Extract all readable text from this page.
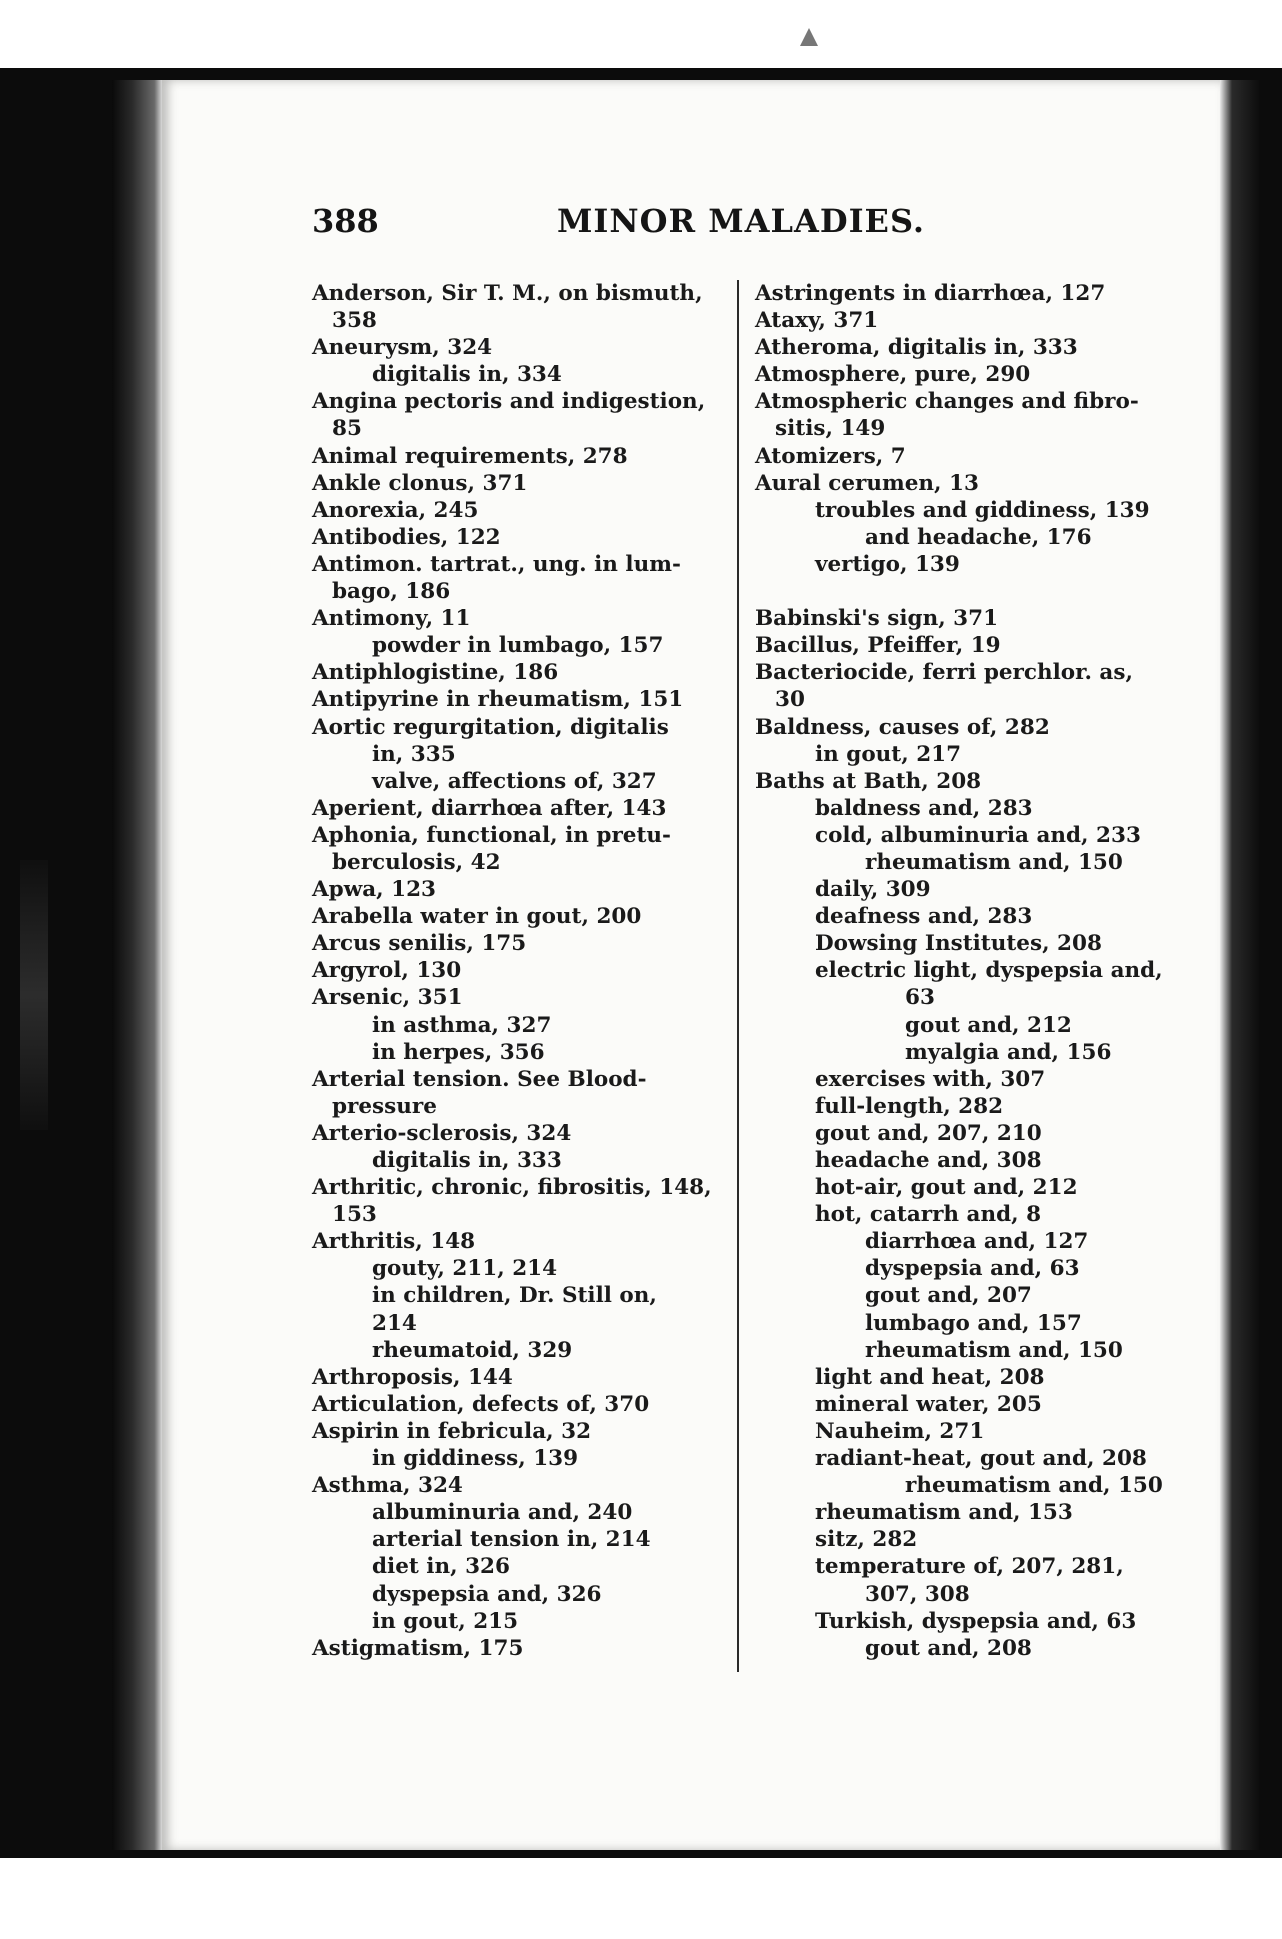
388	MINOR MALADIES.
Anderson, Sir T. M., on bismuth,
358
Aneurysm, 324
digitalis in, 334
Angina pectoris and indigestion,
85
Animal requirements, 278
Ankle clonus, 371
Anorexia, 245
Antibodies, 122
Antimon. tartrat., ung. in lum-
bago, 186
Antimony, 11
powder in lumbago, 157
Antiphlogistine, 186
Antipyrine in rheumatism, 151
Aortic regurgitation, digitalis
in, 335
valve, affections of, 327
Aperient, diarrhœa after, 143
Aphonia, functional, in pretu-
berculosis, 42
Apwa, 123
Arabella water in gout, 200
Arcus senilis, 175
Argyrol, 130
Arsenic, 351
in asthma, 327
in herpes, 356
Arterial tension. See Blood-
pressure
Arterio-sclerosis, 324
digitalis in, 333
Arthritic, chronic, fibrositis, 148,
153
Arthritis, 148
gouty, 211, 214
in children, Dr. Still on,
214
rheumatoid, 329
Arthroposis, 144
Articulation, defects of, 370
Aspirin in febricula, 32
in giddiness, 139
Asthma, 324
albuminuria and, 240
arterial tension in, 214
diet in, 326
dyspepsia and, 326
in gout, 215
Astigmatism, 175
Astringents in diarrhœa, 127
Ataxy, 371
Atheroma, digitalis in, 333
Atmosphere, pure, 290
Atmospheric changes and fibro-
sitis, 149
Atomizers, 7
Aural cerumen, 13
troubles and giddiness, 139
and headache, 176
vertigo, 139
Babinski's sign, 371
Bacillus, Pfeiffer, 19
Bacteriocide, ferri perchlor. as,
30
Baldness, causes of, 282
in gout, 217
Baths at Bath, 208
baldness and, 283
cold, albuminuria and, 233
rheumatism and, 150
daily, 309
deafness and, 283
Dowsing Institutes, 208
electric light, dyspepsia and,
63
gout and, 212
myalgia and, 156
exercises with, 307
full-length, 282
gout and, 207, 210
headache and, 308
hot-air, gout and, 212
hot, catarrh and, 8
diarrhœa and, 127
dyspepsia and, 63
gout and, 207
lumbago and, 157
rheumatism and, 150
light and heat, 208
mineral water, 205
Nauheim, 271
radiant-heat, gout and, 208
rheumatism and, 150
rheumatism and, 153
sitz, 282
temperature of, 207, 281,
307, 308
Turkish, dyspepsia and, 63
gout and, 208
